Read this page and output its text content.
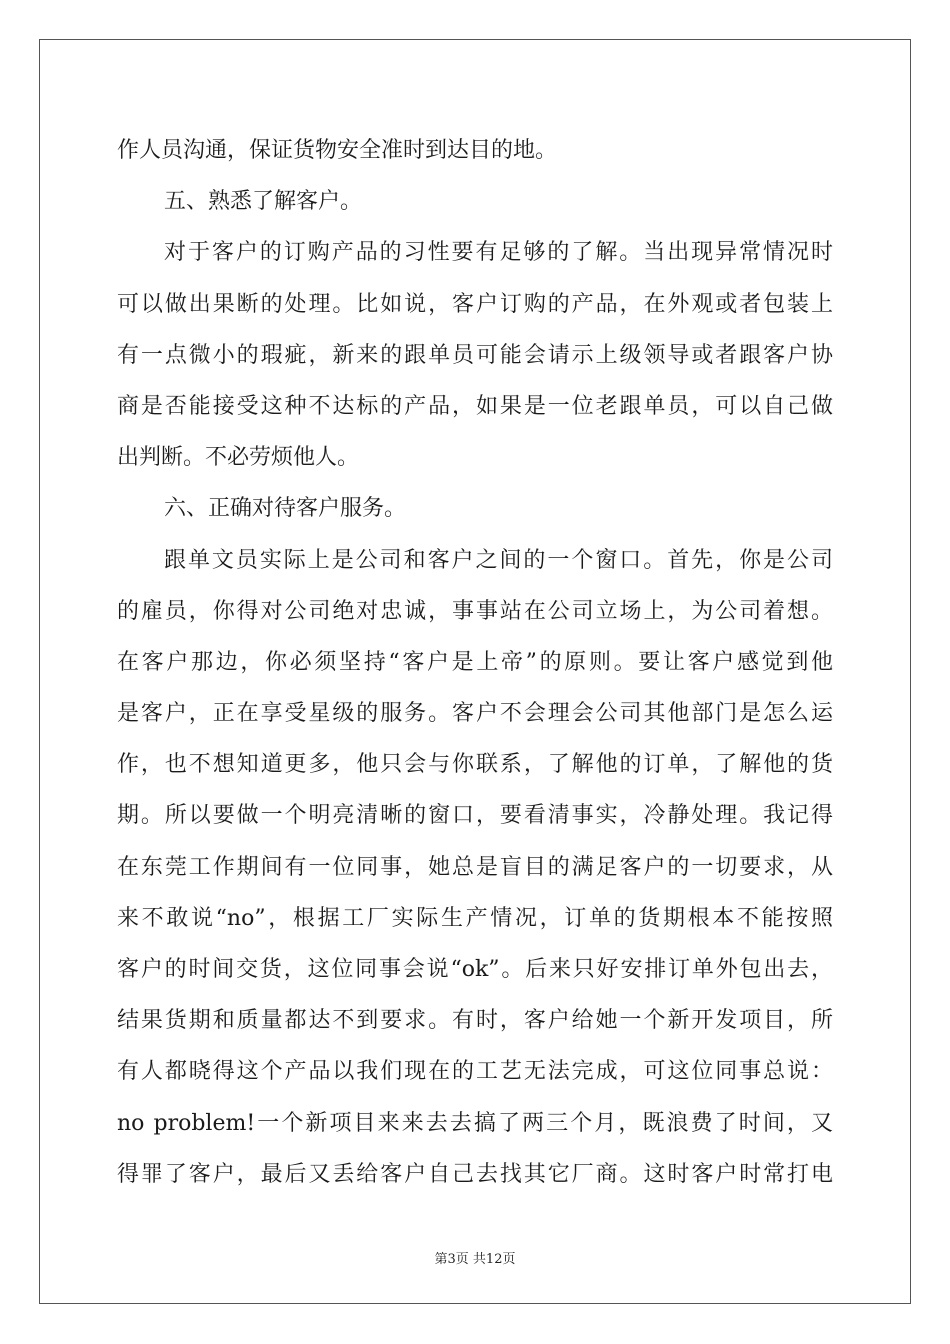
作人员沟通，保证货物安全准时到达目的地。
五、熟悉了解客户。
对于客户的订购产品的习性要有足够的了解。当出现异常情况时
可以做出果断的处理。比如说，客户订购的产品，在外观或者包装上
有一点微小的瑕疵，新来的跟单员可能会请示上级领导或者跟客户协
商是否能接受这种不达标的产品，如果是一位老跟单员，可以自己做
出判断。不必劳烦他人。
六、正确对待客户服务。
跟单文员实际上是公司和客户之间的一个窗口。首先，你是公司
的雇员，你得对公司绝对忠诚，事事站在公司立场上，为公司着想。
在客户那边，你必须坚持“客户是上帝”的原则。要让客户感觉到他
是客户，正在享受星级的服务。客户不会理会公司其他部门是怎么运
作，也不想知道更多，他只会与你联系，了解他的订单，了解他的货
期。所以要做一个明亮清晰的窗口，要看清事实，冷静处理。我记得
在东莞工作期间有一位同事，她总是盲目的满足客户的一切要求，从
来不敢说“no”，根据工厂实际生产情况，订单的货期根本不能按照
客户的时间交货，这位同事会说“ok”。后来只好安排订单外包出去，
结果货期和质量都达不到要求。有时，客户给她一个新开发项目，所
有人都晓得这个产品以我们现在的工艺无法完成，可这位同事总说：
no problem!一个新项目来来去去搞了两三个月，既浪费了时间，又
得罪了客户，最后又丢给客户自己去找其它厂商。这时客户时常打电
第3页 共12页
